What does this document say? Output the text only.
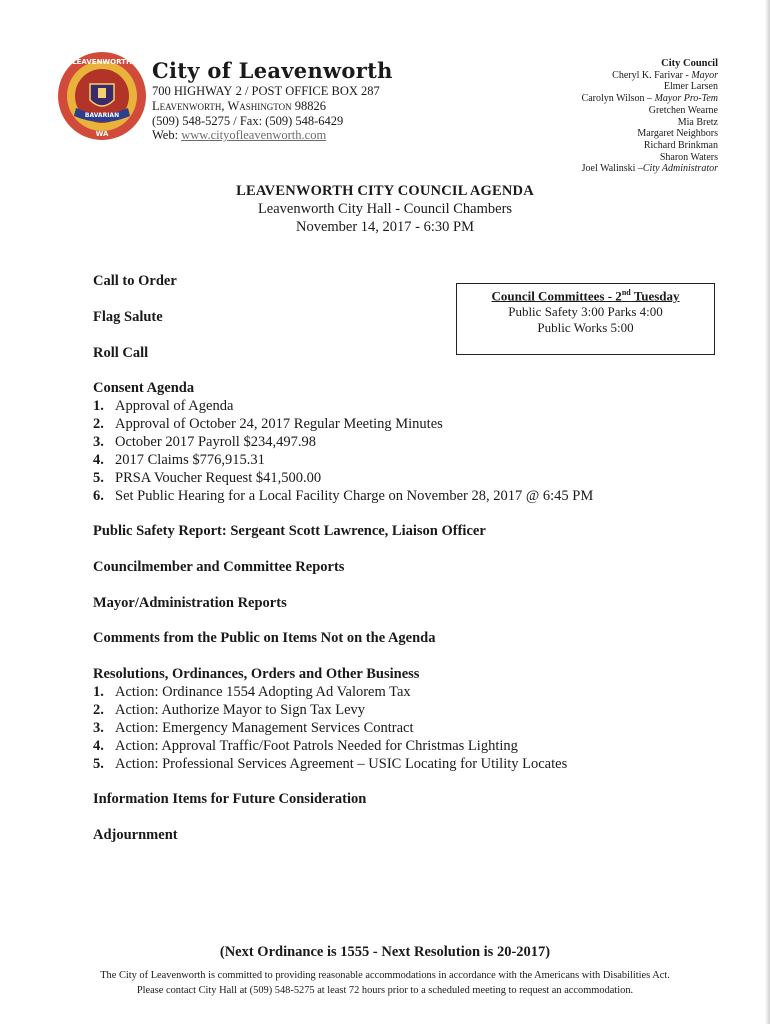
LEAVENWORTH
BAVARIAN
WA
City of Leavenworth
700 HIGHWAY 2 / POST OFFICE BOX 287
Leavenworth, Washington 98826
(509) 548-5275 / Fax: (509) 548-6429
Web: www.cityofleavenworth.com
City Council
Cheryl K. Farivar - Mayor
Elmer Larsen
Carolyn Wilson – Mayor Pro-Tem
Gretchen Wearne
Mia Bretz
Margaret Neighbors
Richard Brinkman
Sharon Waters
Joel Walinski –City Administrator
LEAVENWORTH CITY COUNCIL AGENDA
Leavenworth City Hall - Council Chambers
November 14, 2017 - 6:30 PM
Call to Order
Flag Salute
Roll Call
Council Committees - 2nd Tuesday
Public Safety 3:00 Parks 4:00
Public Works 5:00
Consent Agenda
1. Approval of Agenda
2. Approval of October 24, 2017 Regular Meeting Minutes
3. October 2017 Payroll $234,497.98
4. 2017 Claims $776,915.31
5. PRSA Voucher Request $41,500.00
6. Set Public Hearing for a Local Facility Charge on November 28, 2017 @ 6:45 PM
Public Safety Report: Sergeant Scott Lawrence, Liaison Officer
Councilmember and Committee Reports
Mayor/Administration Reports
Comments from the Public on Items Not on the Agenda
Resolutions, Ordinances, Orders and Other Business
1. Action: Ordinance 1554 Adopting Ad Valorem Tax
2. Action: Authorize Mayor to Sign Tax Levy
3. Action: Emergency Management Services Contract
4. Action: Approval Traffic/Foot Patrols Needed for Christmas Lighting
5. Action: Professional Services Agreement – USIC Locating for Utility Locates
Information Items for Future Consideration
Adjournment
(Next Ordinance is 1555 - Next Resolution is 20-2017)
The City of Leavenworth is committed to providing reasonable accommodations in accordance with the Americans with Disabilities Act.
Please contact City Hall at (509) 548-5275 at least 72 hours prior to a scheduled meeting to request an accommodation.
